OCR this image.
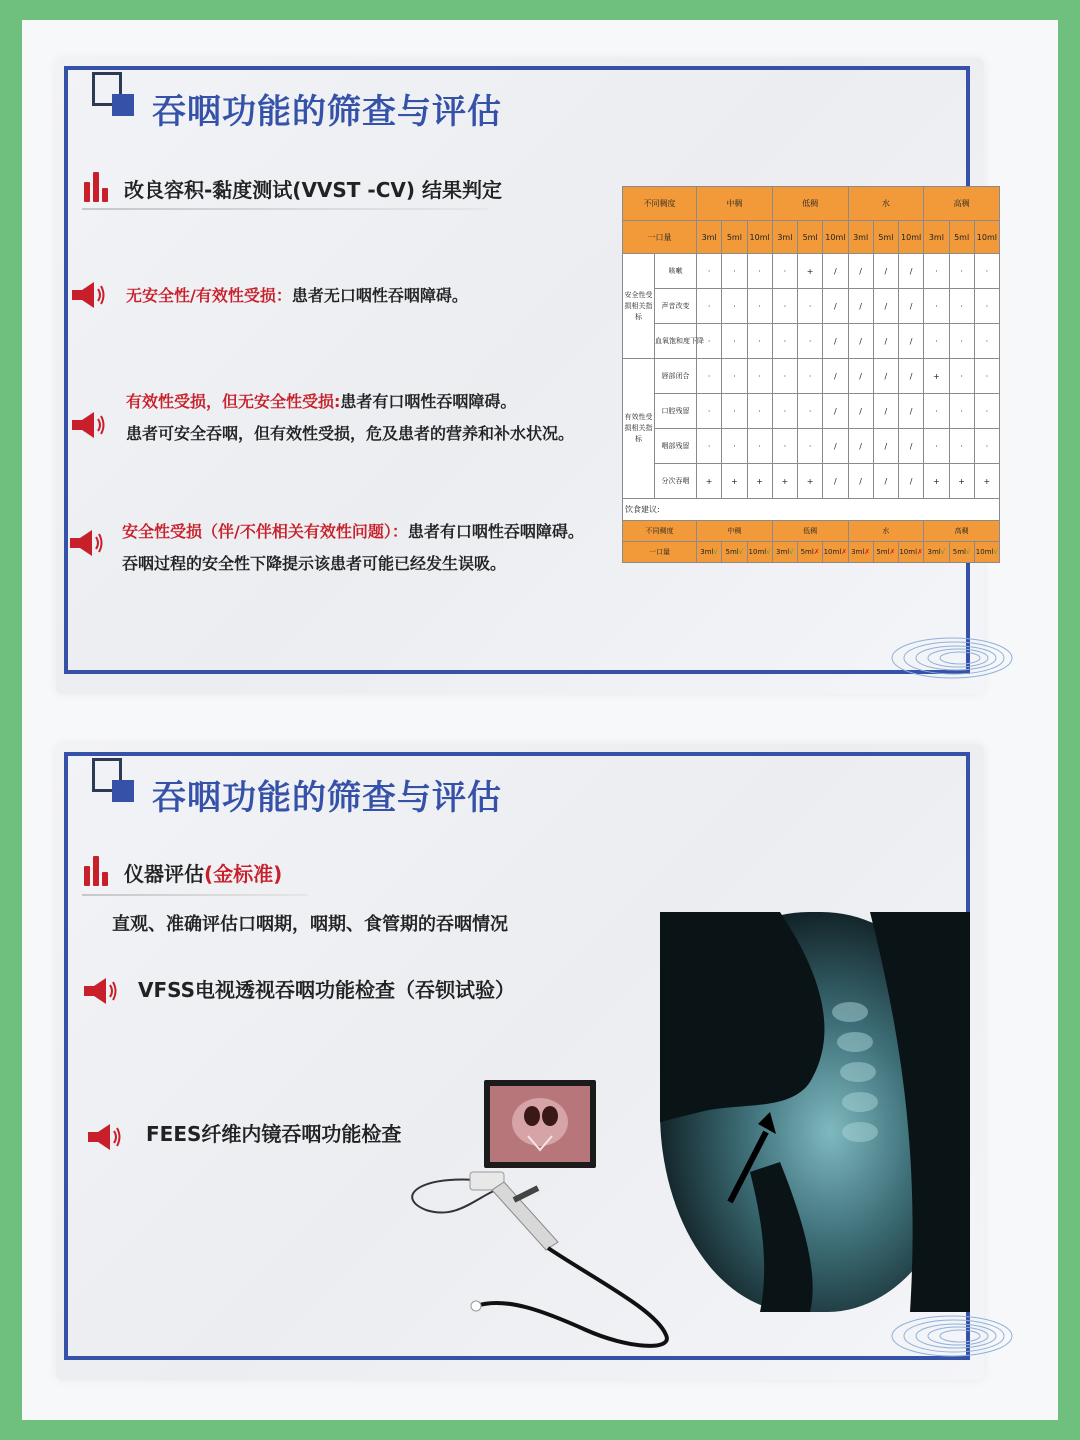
吞咽功能的筛查与评估
改良容积-黏度测试(VVST -CV) 结果判定
无安全性/有效性受损：患者无口咽性吞咽障碍。
有效性受损，但无安全性受损:患者有口咽性吞咽障碍。
患者可安全吞咽，但有效性受损，危及患者的营养和补水状况。
安全性受损（伴/不伴相关有效性问题）：患者有口咽性吞咽障碍。
吞咽过程的安全性下降提示该患者可能已经发生误吸。
不同稠度		中稠			低稠			水			高稠		
一口量		3ml	5ml	10ml	3ml	5ml	10ml	3ml	5ml	10ml	3ml	5ml	10ml
安全性受损相关指标	咳嗽	·	·	·	·	+	/	/	/	/	·	·	·
	声音改变	·	·	·	·	·	/	/	/	/	·	·	·
	血氧饱和度下降	·	·	·	·	·	/	/	/	/	·	·	·
有效性受损相关指标	唇部闭合	·	·	·	·	·	/	/	/	/	+	·	·
	口腔残留	·	·	·	·	·	/	/	/	/	·	·	·
	咽部残留	·	·	·	·	·	/	/	/	/	·	·	·
	分次吞咽	+	+	+	+	+	/	/	/	/	+	+	+
饮食建议:													
不同稠度		中稠			低稠			水			高稠		
一口量		3ml√	5ml√	10ml√	3ml√	5ml✗	10ml✗	3ml✗	5ml✗	10ml✗	3ml√	5ml√	10ml√
吞咽功能的筛查与评估
仪器评估(金标准)
直观、准确评估口咽期，咽期、食管期的吞咽情况
VFSS电视透视吞咽功能检查（吞钡试验）
FEES纤维内镜吞咽功能检查
